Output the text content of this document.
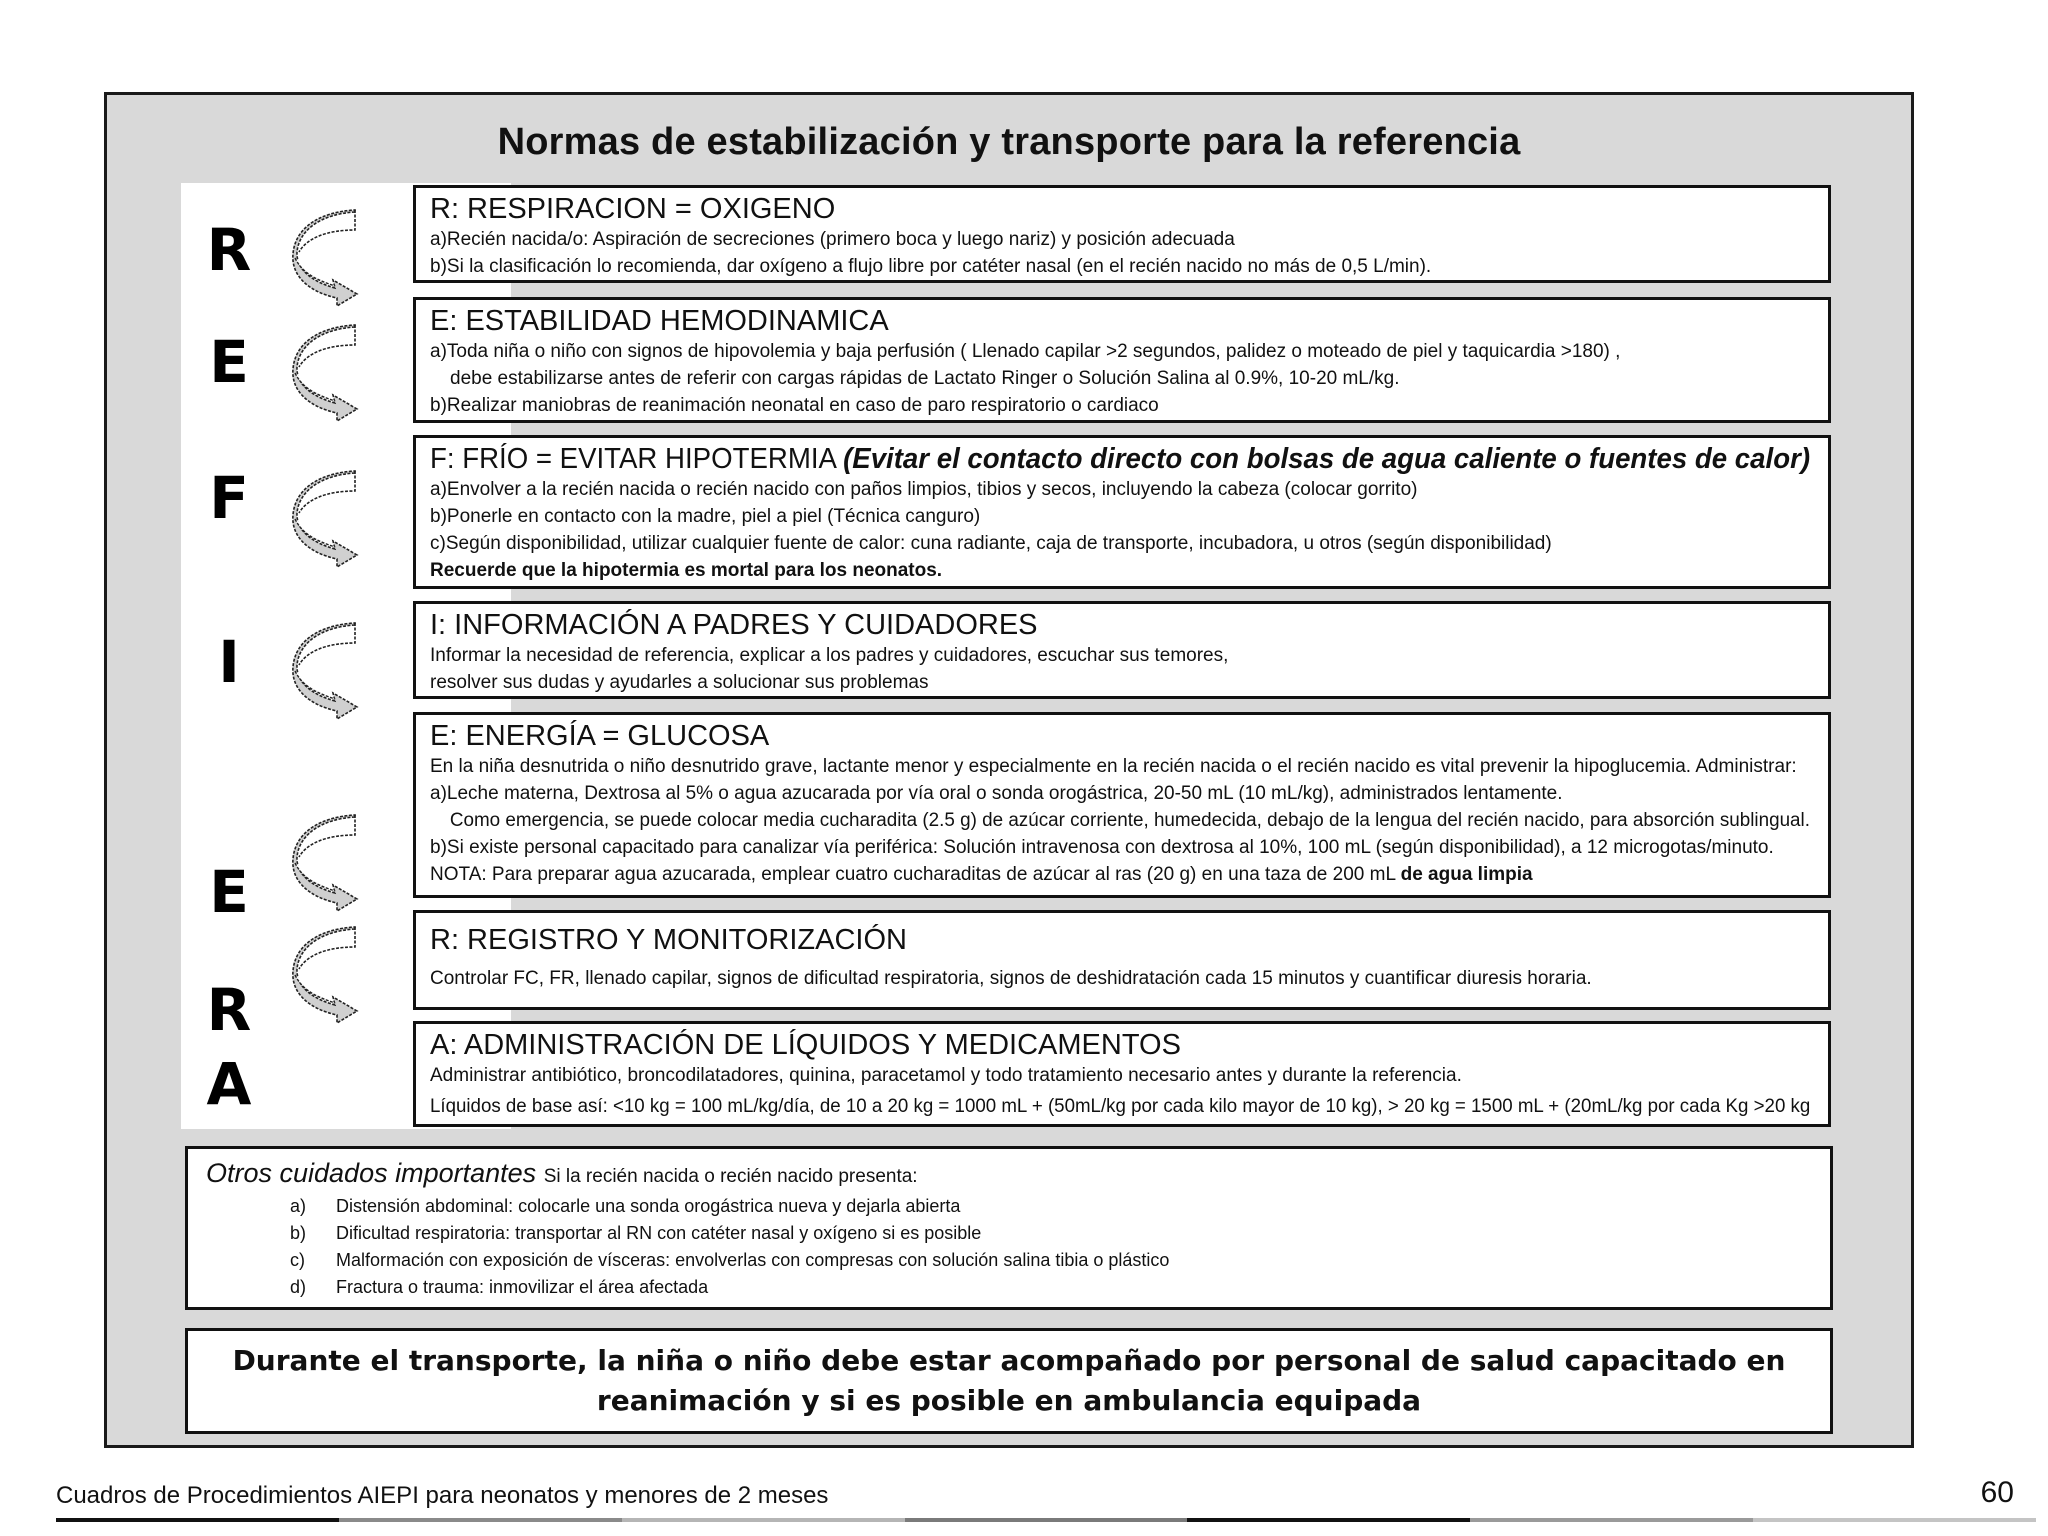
Normas de estabilización y transporte para la referencia
R
E
F
I
E
R
A
R: RESPIRACION = OXIGENO
a)Recién nacida/o: Aspiración de secreciones (primero boca y luego nariz) y posición adecuada
b)Si la clasificación lo recomienda, dar oxígeno a flujo libre por catéter nasal (en el recién nacido no más de 0,5 L/min).
E: ESTABILIDAD HEMODINAMICA
a)Toda niña o niño con signos de hipovolemia y baja perfusión ( Llenado capilar >2 segundos, palidez o moteado de piel y taquicardia >180) ,
debe estabilizarse antes de referir con cargas rápidas de Lactato Ringer o Solución Salina al 0.9%, 10-20 mL/kg.
b)Realizar maniobras de reanimación neonatal en caso de paro respiratorio o cardiaco
F: FRÍO = EVITAR HIPOTERMIA (Evitar el contacto directo con bolsas de agua caliente o fuentes de calor)
a)Envolver a la recién nacida o recién nacido con paños limpios, tibios y secos, incluyendo la cabeza (colocar gorrito)
b)Ponerle en contacto con la madre, piel a piel (Técnica canguro)
c)Según disponibilidad, utilizar cualquier fuente de calor: cuna radiante, caja de transporte, incubadora, u otros (según disponibilidad)
Recuerde que la hipotermia es mortal para los neonatos.
I: INFORMACIÓN A PADRES Y CUIDADORES
Informar la necesidad de referencia, explicar a los padres y cuidadores, escuchar sus temores,
resolver sus dudas y ayudarles a solucionar sus problemas
E: ENERGÍA = GLUCOSA
En la niña desnutrida o niño desnutrido grave, lactante menor y especialmente en la recién nacida o el recién nacido es vital prevenir la hipoglucemia. Administrar:
a)Leche materna, Dextrosa al 5% o agua azucarada por vía oral o sonda orogástrica, 20-50 mL (10 mL/kg), administrados lentamente.
Como emergencia, se puede colocar media cucharadita (2.5 g) de azúcar corriente, humedecida, debajo de la lengua del recién nacido, para absorción sublingual.
b)Si existe personal capacitado para canalizar vía periférica: Solución intravenosa con dextrosa al 10%, 100 mL (según disponibilidad), a 12 microgotas/minuto.
NOTA: Para preparar agua azucarada, emplear cuatro cucharaditas de azúcar al ras (20 g) en una taza de 200 mL de agua limpia
R: REGISTRO Y MONITORIZACIÓN
Controlar FC, FR, llenado capilar, signos de dificultad respiratoria, signos de deshidratación cada 15 minutos y cuantificar diuresis horaria.
A: ADMINISTRACIÓN DE LÍQUIDOS Y MEDICAMENTOS
Administrar antibiótico, broncodilatadores, quinina, paracetamol y todo tratamiento necesario antes y durante la referencia.
Líquidos de base así: <10 kg = 100 mL/kg/día, de 10 a 20 kg = 1000 mL + (50mL/kg por cada kilo mayor de 10 kg), > 20 kg = 1500 mL + (20mL/kg por cada Kg >20 kg
Otros cuidados importantes Si la recién nacida o recién nacido presenta:
a) Distensión abdominal: colocarle una sonda orogástrica nueva y dejarla abierta
b) Dificultad respiratoria: transportar al RN con catéter nasal y oxígeno si es posible
c) Malformación con exposición de vísceras: envolverlas con compresas con solución salina tibia o plástico
d) Fractura o trauma: inmovilizar el área afectada
Durante el transporte, la niña o niño debe estar acompañado por personal de salud capacitado en reanimación y si es posible en ambulancia equipada
Cuadros de Procedimientos AIEPI para neonatos y menores de 2 meses	60
